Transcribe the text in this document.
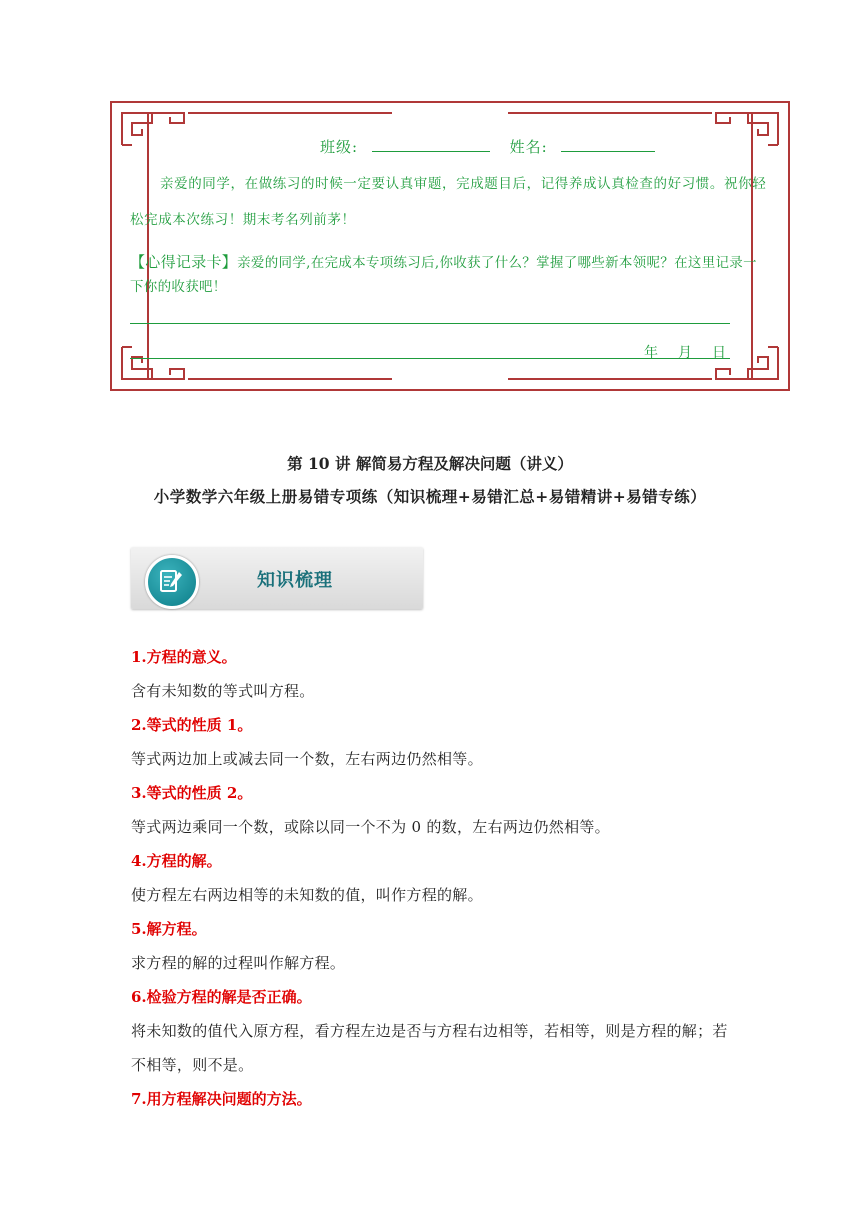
班级:	姓名:
亲爱的同学，在做练习的时候一定要认真审题，完成题目后，记得养成认真检查的好习惯。祝你轻松完成本次练习！期末考名列前茅！
【心得记录卡】亲爱的同学,在完成本专项练习后,你收获了什么？掌握了哪些新本领呢？在这里记录一下你的收获吧！
年 月 日
第 10 讲 解简易方程及解决问题（讲义）
小学数学六年级上册易错专项练（知识梳理+易错汇总+易错精讲+易错专练）
知识梳理
1.方程的意义。
含有未知数的等式叫方程。
2.等式的性质 1。
等式两边加上或减去同一个数，左右两边仍然相等。
3.等式的性质 2。
等式两边乘同一个数，或除以同一个不为 0 的数，左右两边仍然相等。
4.方程的解。
使方程左右两边相等的未知数的值，叫作方程的解。
5.解方程。
求方程的解的过程叫作解方程。
6.检验方程的解是否正确。
将未知数的值代入原方程，看方程左边是否与方程右边相等，若相等，则是方程的解；若不相等，则不是。
7.用方程解决问题的方法。
